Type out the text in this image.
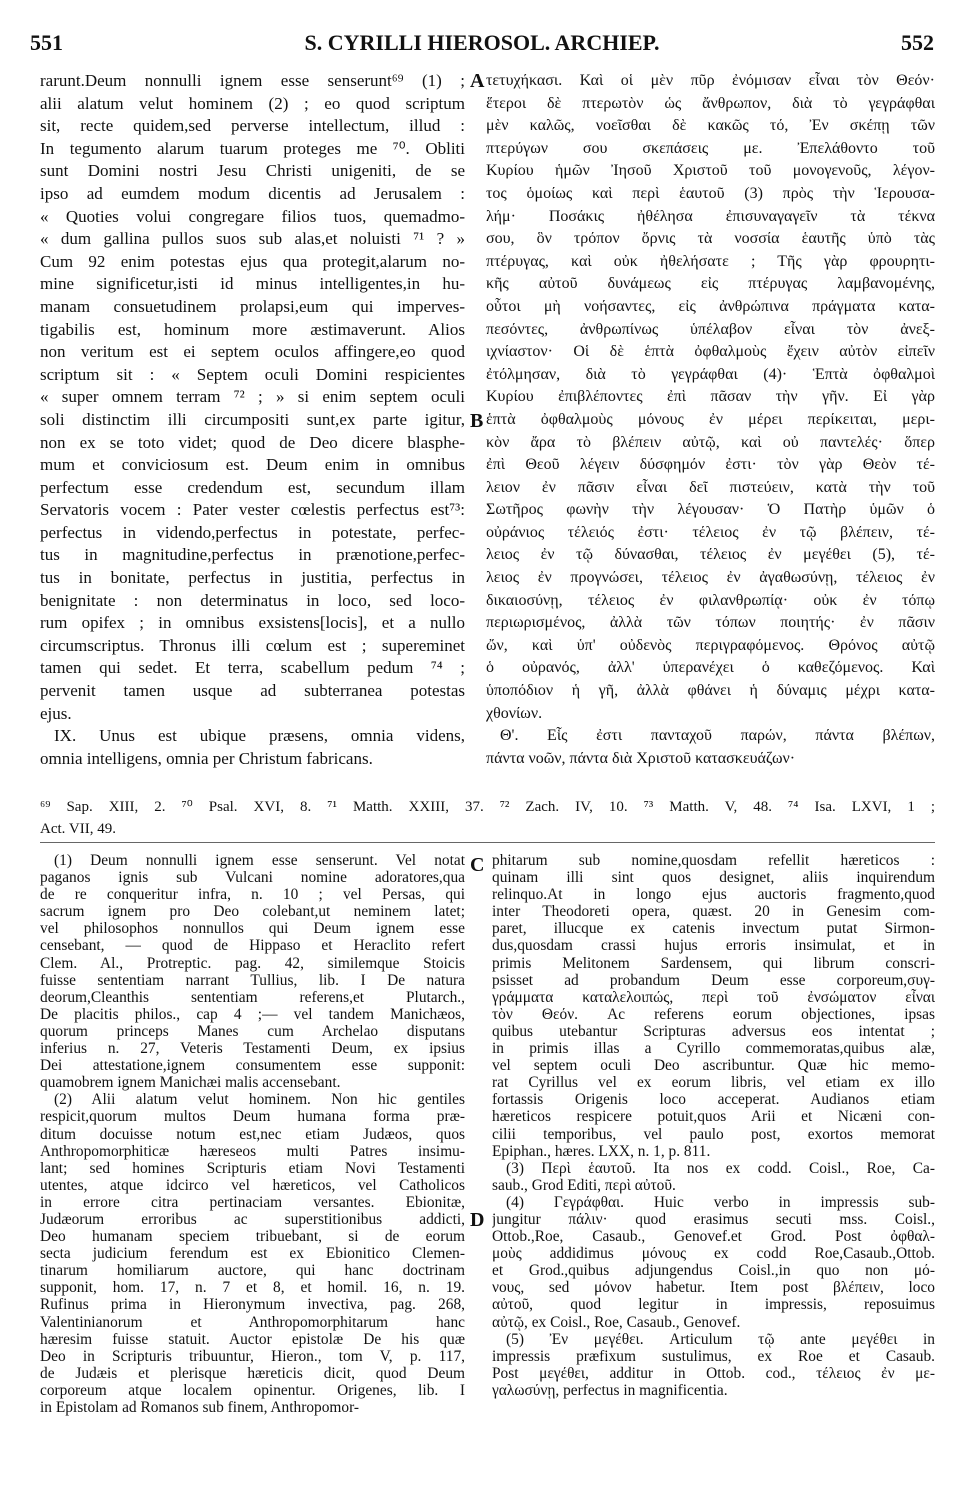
551	S. CYRILLI HIEROSOL. ARCHIEP.	552
rarunt.Deum nonnulli ignem esse senserunt⁶⁹ (1) ;
alii alatum velut hominem (2) ; eo quod scriptum
sit, recte quidem,sed perverse intellectum, illud :
In tegumento alarum tuarum proteges me ⁷⁰. Obliti
sunt Domini nostri Jesu Christi unigeniti, de se
ipso ad eumdem modum dicentis ad Jerusalem :
« Quoties volui congregare filios tuos, quemadmo-
« dum gallina pullos suos sub alas,et noluisti ⁷¹ ? »
Cum 92 enim potestas ejus qua protegit,alarum no-
mine significetur,isti id minus intelligentes,in hu-
manam consuetudinem prolapsi,eum qui imperves-
tigabilis est, hominum more æstimaverunt. Alios
non veritum est ei septem oculos affingere,eo quod
scriptum sit : « Septem oculi Domini respicientes
« super omnem terram ⁷² ; » si enim septem oculi
soli distinctim illi circumpositi sunt,ex parte igitur,
non ex se toto videt; quod de Deo dicere blasphe-
mum et conviciosum est. Deum enim in omnibus
perfectum esse credendum est, secundum illam
Servatoris vocem : Pater vester cœlestis perfectus est⁷³:
perfectus in videndo,perfectus in potestate, perfec-
tus in magnitudine,perfectus in prænotione,perfec-
tus in bonitate, perfectus in justitia, perfectus in
benignitate : non determinatus in loco, sed loco-
rum opifex ; in omnibus exsistens[locis], et a nullo
circumscriptus. Thronus illi cœlum est ; supereminet
tamen qui sedet. Et terra, scabellum pedum ⁷⁴ ;
pervenit tamen usque ad subterranea potestas
ejus.
IX. Unus est ubique præsens, omnia videns,
omnia intelligens, omnia per Christum fabricans.
τετυχήκασι. Καὶ οἱ μὲν πῦρ ἐνόμισαν εἶναι τὸν Θεόν·
ἕτεροι δὲ πτερωτὸν ὡς ἄνθρωπον, διὰ τὸ γεγράφθαι
μὲν καλῶς, νοεῖσθαι δὲ κακῶς τό, Ἐν σκέπῃ τῶν
πτερύγων σου σκεπάσεις με. Ἐπελάθοντο τοῦ
Κυρίου ἡμῶν Ἰησοῦ Χριστοῦ τοῦ μονογενοῦς, λέγον-
τος ὁμοίως καὶ περὶ ἑαυτοῦ (3) πρὸς τὴν Ἱερουσα-
λήμ· Ποσάκις ἠθέλησα ἐπισυναγαγεῖν τὰ τέκνα
σου, ὃν τρόπον ὄρνις τὰ νοσσία ἑαυτῆς ὑπὸ τὰς
πτέρυγας, καὶ οὐκ ἠθελήσατε ; Τῆς γὰρ φρουρητι-
κῆς αὐτοῦ δυνάμεως εἰς πτέρυγας λαμβανομένης,
οὗτοι μὴ νοήσαντες, εἰς ἀνθρώπινα πράγματα κατα-
πεσόντες, ἀνθρωπίνως ὑπέλαβον εἶναι τὸν ἀνεξ-
ιχνίαστον· Οἱ δὲ ἑπτὰ ὀφθαλμοὺς ἔχειν αὐτὸν εἰπεῖν
ἐτόλμησαν, διὰ τὸ γεγράφθαι (4)· Ἑπτὰ ὀφθαλμοὶ
Κυρίου ἐπιβλέποντες ἐπὶ πᾶσαν τὴν γῆν. Εἰ γὰρ
ἑπτὰ ὀφθαλμοὺς μόνους ἐν μέρει περίκειται, μερι-
κὸν ἄρα τὸ βλέπειν αὐτῷ, καὶ οὐ παντελές· ὅπερ
ἐπὶ Θεοῦ λέγειν δύσφημόν ἐστι· τὸν γὰρ Θεὸν τέ-
λειον ἐν πᾶσιν εἶναι δεῖ πιστεύειν, κατὰ τὴν τοῦ
Σωτῆρος φωνὴν τὴν λέγουσαν· Ὁ Πατὴρ ὑμῶν ὁ
οὐράνιος τέλειός ἐστι· τέλειος ἐν τῷ βλέπειν, τέ-
λειος ἐν τῷ δύνασθαι, τέλειος ἐν μεγέθει (5), τέ-
λειος ἐν προγνώσει, τέλειος ἐν ἀγαθωσύνῃ, τέλειος ἐν
δικαιοσύνῃ, τέλειος ἐν φιλανθρωπίᾳ· οὐκ ἐν τόπῳ
περιωρισμένος, ἀλλὰ τῶν τόπων ποιητής· ἐν πᾶσιν
ὤν, καὶ ὑπ' οὐδενὸς περιγραφόμενος. Θρόνος αὐτῷ
ὁ οὐρανός, ἀλλ' ὑπερανέχει ὁ καθεζόμενος. Καὶ
ὑποπόδιον ἡ γῆ, ἀλλὰ φθάνει ἡ δύναμις μέχρι κατα-
χθονίων.
Θ'. Εἷς ἐστι πανταχοῦ παρών, πάντα βλέπων,
πάντα νοῶν, πάντα διὰ Χριστοῦ κατασκευάζων·
A
B
C
D
⁶⁹ Sap. XIII, 2. ⁷⁰ Psal. XVI, 8. ⁷¹ Matth. XXIII, 37. ⁷² Zach. IV, 10. ⁷³ Matth. V, 48. ⁷⁴ Isa. LXVI, 1 ;
Act. VII, 49.
(1) Deum nonnulli ignem esse senserunt. Vel notat
paganos ignis sub Vulcani nomine adoratores,qua
de re conqueritur infra, n. 10 ; vel Persas, qui
sacrum ignem pro Deo colebant,ut neminem latet;
vel philosophos nonnullos qui Deum ignem esse
censebant, — quod de Hippaso et Heraclito refert
Clem. Al., Protreptic. pag. 42, similemque Stoicis
fuisse sententiam narrant Tullius, lib. I De natura
deorum,Cleanthis sententiam referens,et Plutarch.,
De placitis philos., cap 4 ;— vel tandem Manichæos,
quorum princeps Manes cum Archelao disputans
inferius n. 27, Veteris Testamenti Deum, ex ipsius
Dei attestatione,ignem consumentem esse supponit:
quamobrem ignem Manichæi malis accensebant.
(2) Alii alatum velut hominem. Non hic gentiles
respicit,quorum multos Deum humana forma præ-
ditum docuisse notum est,nec etiam Judæos, quos
Anthropomorphiticæ hæreseos multi Patres insimu-
lant; sed homines Scripturis etiam Novi Testamenti
utentes, atque idcirco vel hæreticos, vel Catholicos
in errore citra pertinaciam versantes. Ebionitæ,
Judæorum erroribus ac superstitionibus addicti,
Deo humanam speciem tribuebant, si de eorum
secta judicium ferendum est ex Ebionitico Clemen-
tinarum homiliarum auctore, qui hanc doctrinam
supponit, hom. 17, n. 7 et 8, et homil. 16, n. 19.
Rufinus prima in Hieronymum invectiva, pag. 268,
Valentinianorum et Anthropomorphitarum hanc
hæresim fuisse statuit. Auctor epistolæ De his quæ
Deo in Scripturis tribuuntur, Hieron., tom V, p. 117,
de Judæis et plerisque hæreticis dicit, quod Deum
corporeum atque localem opinentur. Origenes, lib. I
in Epistolam ad Romanos sub finem, Anthropomor-
phitarum sub nomine,quosdam refellit hæreticos :
quinam illi sint quos designet, aliis inquirendum
relinquo.At in longo ejus auctoris fragmento,quod
inter Theodoreti opera, quæst. 20 in Genesim com-
paret, illucque ex catenis invectum putat Sirmon-
dus,quosdam crassi hujus erroris insimulat, et in
primis Melitonem Sardensem, qui librum conscri-
psisset ad probandum Deum esse corporeum,συγ-
γράμματα καταλελοιπώς, περὶ τοῦ ἐνσώματον εἶναι
τὸν Θεόν. Ac referens eorum objectiones, ipsas
quibus utebantur Scripturas adversus eos intentat ;
in primis illas a Cyrillo commemoratas,quibus alæ,
vel septem oculi Deo ascribuntur. Quæ hic memo-
rat Cyrillus vel ex eorum libris, vel etiam ex illo
fortassis Origenis loco acceperat. Audianos etiam
hæreticos respicere potuit,quos Arii et Nicæni con-
cilii temporibus, vel paulo post, exortos memorat
Epiphan., hæres. LXX, n. 1, p. 811.
(3) Περὶ ἑαυτοῦ. Ita nos ex codd. Coisl., Roe, Ca-
saub., Grod Editi, περὶ αὐτοῦ.
(4) Γεγράφθαι. Huic verbo in impressis sub-
jungitur πάλιν· quod erasimus secuti mss. Coisl.,
Ottob.,Roe, Casaub., Genovef.et Grod. Post ὀφθαλ-
μοὺς addidimus μόνους ex codd Roe,Casaub.,Ottob.
et Grod.,quibus adjungendus Coisl.,in quo non μό-
νους, sed μόνον habetur. Item post βλέπειν, loco
αὐτοῦ, quod legitur in impressis, reposuimus
αὐτῷ, ex Coisl., Roe, Casaub., Genovef.
(5) Ἐν μεγέθει. Articulum τῷ ante μεγέθει in
impressis præfixum sustulimus, ex Roe et Casaub.
Post μεγέθει, additur in Ottob. cod., τέλειος ἐν με-
γαλωσύνῃ, perfectus in magnificentia.
